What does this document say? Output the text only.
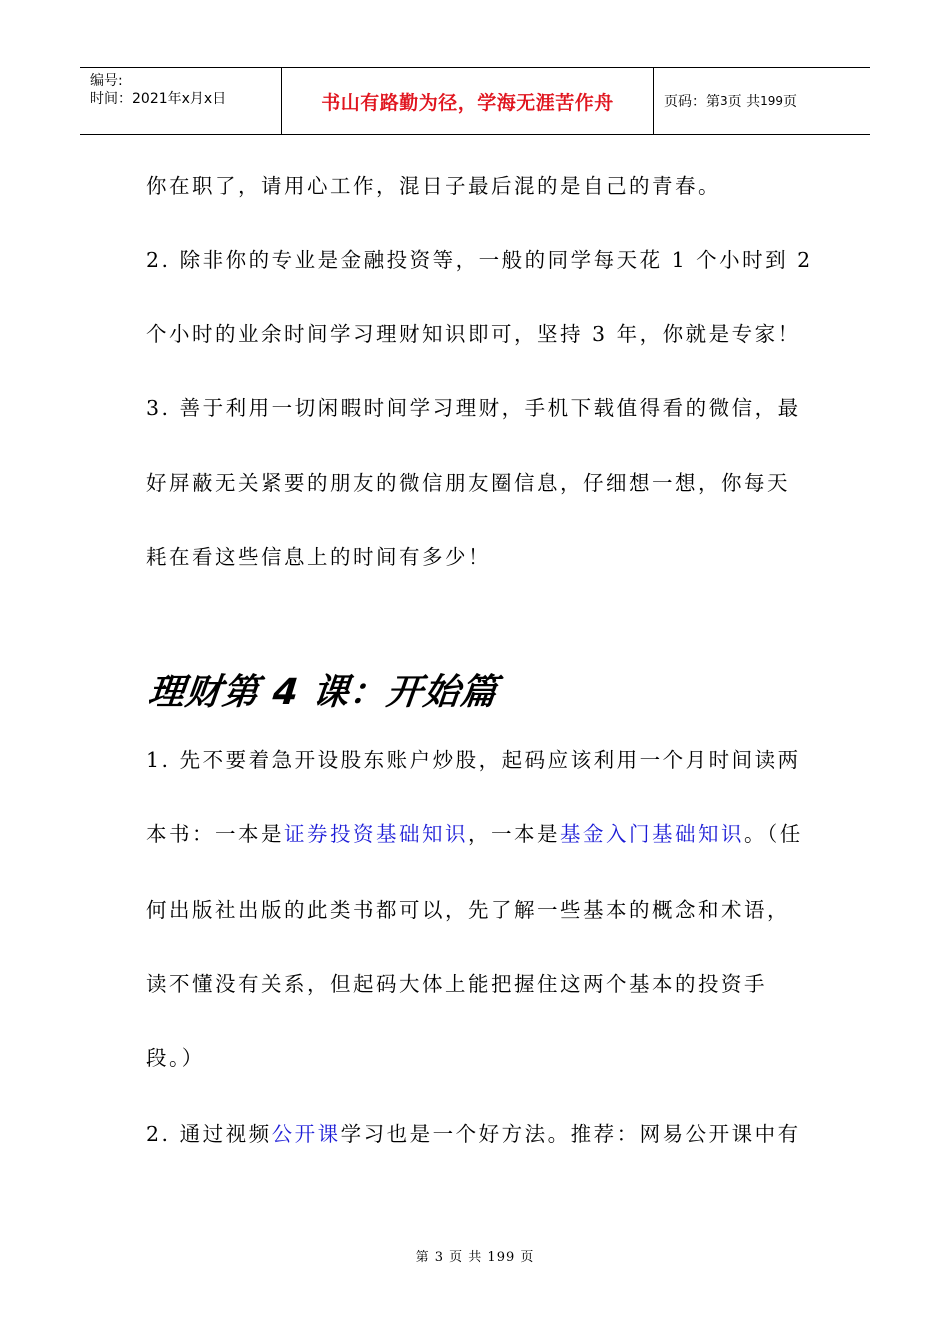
编号:
时间：2021年x月x日	书山有路勤为径，学海无涯苦作舟	页码：第 3 页 共 199 页
你在职了，请用心工作，混日子最后混的是自己的青春。
2. 除非你的专业是金融投资等，一般的同学每天花 1 个小时到 2
个小时的业余时间学习理财知识即可，坚持 3 年，你就是专家！
3. 善于利用一切闲暇时间学习理财，手机下载值得看的微信，最
好屏蔽无关紧要的朋友的微信朋友圈信息，仔细想一想，你每天
耗在看这些信息上的时间有多少！
理财第 4 课：开始篇
1. 先不要着急开设股东账户炒股，起码应该利用一个月时间读两
本书：一本是证券投资基础知识，一本是基金入门基础知识。（任
何出版社出版的此类书都可以，先了解一些基本的概念和术语，
读不懂没有关系，但起码大体上能把握住这两个基本的投资手
段。）
2. 通过视频公开课学习也是一个好方法。推荐：网易公开课中有
第 3 页 共 199 页
